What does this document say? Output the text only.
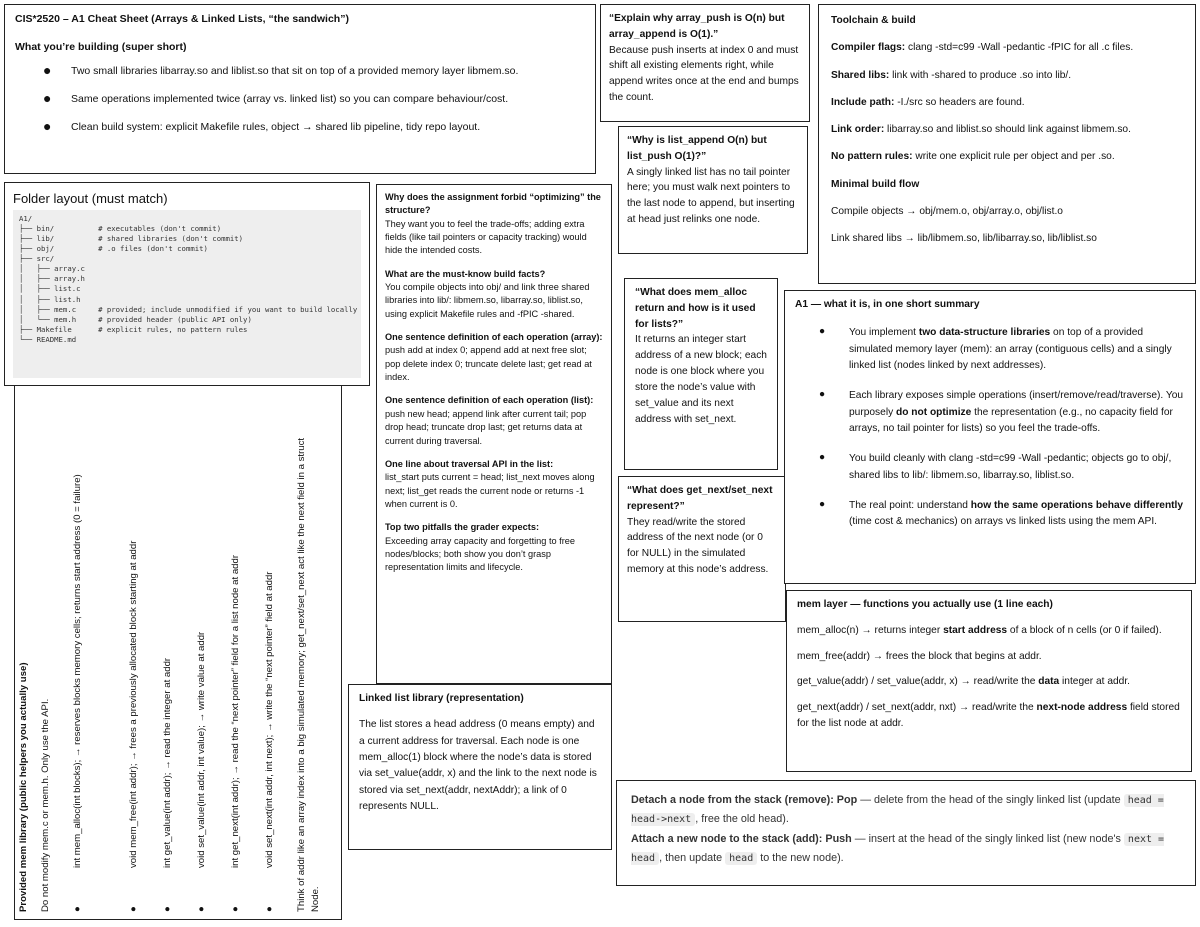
CIS*2520 – A1 Cheat Sheet (Arrays & Linked Lists, “the sandwich”)

What you’re building (super short)

● Two small libraries libarray.so and liblist.so that sit on top of a provided memory layer libmem.so.
● Same operations implemented twice (array vs. linked list) so you can compare behaviour/cost.
● Clean build system: explicit Makefile rules, object → shared lib pipeline, tidy repo layout.

“Explain why array_push is O(n) but array_append is O(1).”

Because push inserts at index 0 and must shift all existing elements right, while append writes once at the end and bumps the count.

Toolchain & build

Compiler flags: clang -std=c99 -Wall -pedantic -fPIC for all .c files.

Shared libs: link with -shared to produce .so into lib/.

Include path: -I./src so headers are found.

Link order: libarray.so and liblist.so should link against libmem.so.

No pattern rules: write one explicit rule per object and per .so.

Minimal build flow

Compile objects → obj/mem.o, obj/array.o, obj/list.o

Link shared libs → lib/libmem.so, lib/libarray.so, lib/liblist.so

“Why is list_append O(n) but list_push O(1)?”

A singly linked list has no tail pointer here; you must walk next pointers to the last node to append, but inserting at head just relinks one node.

Folder layout (must match)

A1/
├── bin/          # executables (don't commit)
├── lib/          # shared libraries (don't commit)
├── obj/          # .o files (don't commit)
├── src/
│   ├── array.c
│   ├── array.h
│   ├── list.c
│   ├── list.h
│   ├── mem.c     # provided; include unmodified if you want to build locally
│   └── mem.h     # provided header (public API only)
├── Makefile      # explicit rules, no pattern rules
└── README.md

Provided mem library (public helpers you actually use) Do not modify mem.c or mem.h. Only use the API. ●
int mem_alloc(int blocks); → reserves blocks memory cells; returns start address (0 = failure)
●
void mem_free(int addr); → frees a previously allocated block starting at addr
●
int get_value(int addr); → read the integer at addr
●
void set_value(int addr, int value); → write value at addr
●
int get_next(int addr); → read the “next pointer” field for a list node at addr
●
void set_next(int addr, int next); → write the “next pointer” field at addr Think of addr like an array index into a big simulated memory; get_next/set_next act like the next field in a struct Node.

Why does the assignment forbid “optimizing” the structure?

They want you to feel the trade-offs; adding extra fields (like tail pointers or capacity tracking) would hide the intended costs.

What are the must-know build facts?

You compile objects into obj/ and link three shared libraries into lib/: libmem.so, libarray.so, liblist.so, using explicit Makefile rules and -fPIC -shared.

One sentence definition of each operation (array):

push add at index 0; append add at next free slot; pop delete index 0; truncate delete last; get read at index.

One sentence definition of each operation (list):

push new head; append link after current tail; pop drop head; truncate drop last; get returns data at current during traversal.

One line about traversal API in the list:

list_start puts current = head; list_next moves along next; list_get reads the current node or returns -1 when current is 0.

Top two pitfalls the grader expects:

Exceeding array capacity and forgetting to free nodes/blocks; both show you don’t grasp representation limits and lifecycle.

“What does mem_alloc return and how is it used for lists?”

It returns an integer start address of a new block; each node is one block where you store the node’s value with set_value and its next address with set_next.

“What does get_next/set_next represent?”

They read/write the stored address of the next node (or 0 for NULL) in the simulated memory at this node’s address.

A1 — what it is, in one short summary

● You implement two data-structure libraries on top of a provided simulated memory layer (mem): an array (contiguous cells) and a singly linked list (nodes linked by next addresses).
● Each library exposes simple operations (insert/remove/read/traverse). You purposely do not optimize the representation (e.g., no capacity field for arrays, no tail pointer for lists) so you feel the trade-offs.
● You build cleanly with clang -std=c99 -Wall -pedantic; objects go to obj/, shared libs to lib/: libmem.so, libarray.so, liblist.so.
● The real point: understand how the same operations behave differently (time cost & mechanics) on arrays vs linked lists using the mem API.

mem layer — functions you actually use (1 line each)

mem_alloc(n) → returns integer start address of a block of n cells (or 0 if failed).

mem_free(addr) → frees the block that begins at addr.

get_value(addr) / set_value(addr, x) → read/write the data integer at addr.

get_next(addr) / set_next(addr, nxt) → read/write the next-node address field stored for the list node at addr.

Linked list library (representation)

The list stores a head address (0 means empty) and a current address for traversal. Each node is one mem_alloc(1) block where the node’s data is stored via set_value(addr, x) and the link to the next node is stored via set_next(addr, nextAddr); a link of 0 represents NULL.

Detach a node from the stack (remove): Pop — delete from the head of the singly linked list (update head = head->next , free the old head).

Attach a new node to the stack (add): Push — insert at the head of the singly linked list (new node's next = head , then update head to the new node).
